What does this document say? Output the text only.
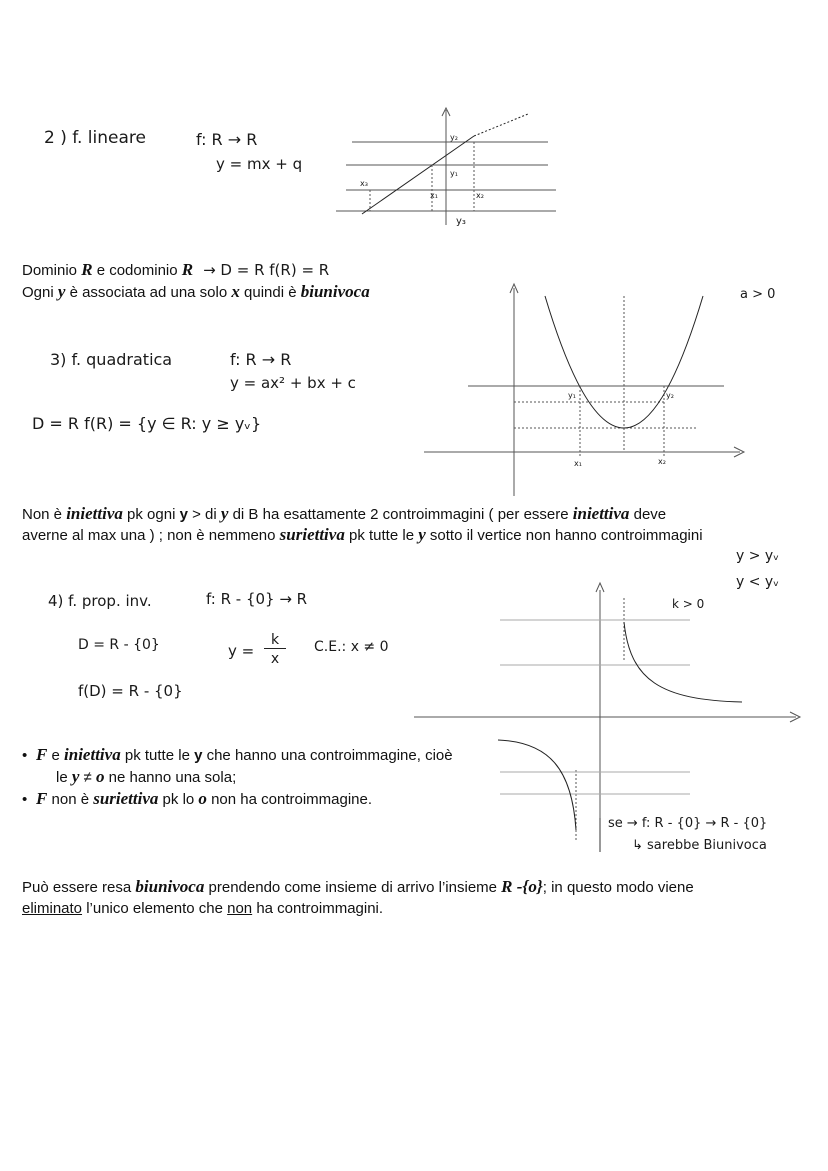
2 ) f. lineare	f: R → R
y = mx + q
y₂
y₁
x₃
x₁	x₂
y₃
Dominio R e codominio R → D = R f(R) = R
Ogni y è associata ad una solo x quindi è biunivoca
3) f. quadratica	f: R → R
y = ax² + bx + c
D = R f(R) = {y ∈ R: y ≥ yᵥ}
a > 0
y₁	y₂
x₁	x₂
Non è iniettiva pk ogni y > di y di B ha esattamente 2 controimmagini ( per essere iniettiva deve
averne al max una ) ; non è nemmeno suriettiva pk tutte le y sotto il vertice non hanno controimmagini
y > yᵥ
y < yᵥ
4) f. prop. inv.	f: R - {0} → R
D = R - {0}	y =
k
x
C.E.: x ≠ 0
f(D) = R - {0}
k > 0
• F e iniettiva pk tutte le y che hanno una controimmagine, cioè
le y ≠ o ne hanno una sola;
• F non è suriettiva pk lo o non ha controimmagine.
se → f: R - {0} → R - {0}
↳ sarebbe Biunivoca
Può essere resa biunivoca prendendo come insieme di arrivo l’insieme R -{o}; in questo modo viene
eliminato l’unico elemento che non ha controimmagini.
